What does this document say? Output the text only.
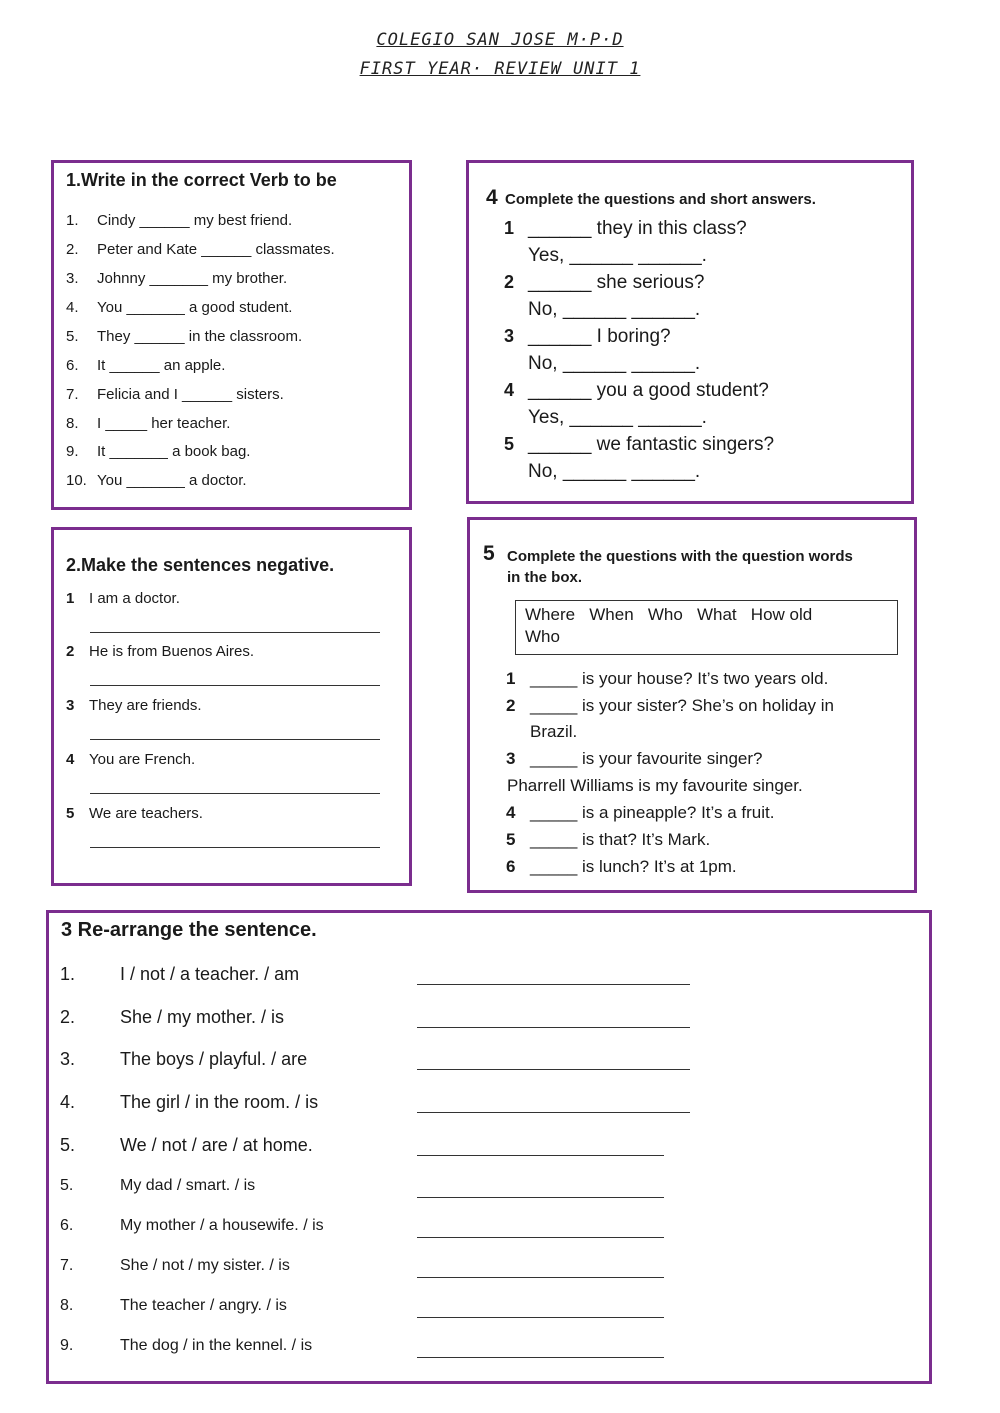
COLEGIO SAN JOSE M·P·D
FIRST YEAR· REVIEW UNIT 1
1.Write in the correct Verb to be
1. Cindy ______ my best friend.
2. Peter and Kate ______ classmates.
3. Johnny _______ my brother.
4. You _______ a good student.
5. They ______ in the classroom.
6. It ______ an apple.
7. Felicia and I ______ sisters.
8. I _____ her teacher.
9. It _______ a book bag.
10. You _______ a doctor.
4 Complete the questions and short answers.
1 ______ they in this class?
Yes, ______ ______.
2 ______ she serious?
No, ______ ______.
3 ______ I boring?
No, ______ ______.
4 ______ you a good student?
Yes, ______ ______.
5 ______ we fantastic singers?
No, ______ ______.
2.Make the sentences negative.
1 I am a doctor.
2 He is from Buenos Aires.
3 They are friends.
4 You are French.
5 We are teachers.
5 Complete the questions with the question words
in the box.
Where   When   Who   What   How old
Who
1 _____ is your house? It’s two years old.
2 _____ is your sister? She’s on holiday in
Brazil.
3 _____ is your favourite singer?
Pharrell Williams is my favourite singer.
4 _____ is a pineapple? It’s a fruit.
5 _____ is that? It’s Mark.
6 _____ is lunch? It’s at 1pm.
3 Re-arrange the sentence.
1. I / not / a teacher. / am
2. She / my mother. / is
3. The boys / playful. / are
4. The girl / in the room. / is
5. We / not / are / at home.
5.	My dad / smart. / is
6.	My mother / a housewife. / is
7.	She / not / my sister. / is
8.	The teacher / angry. / is
9.	The dog / in the kennel. / is
